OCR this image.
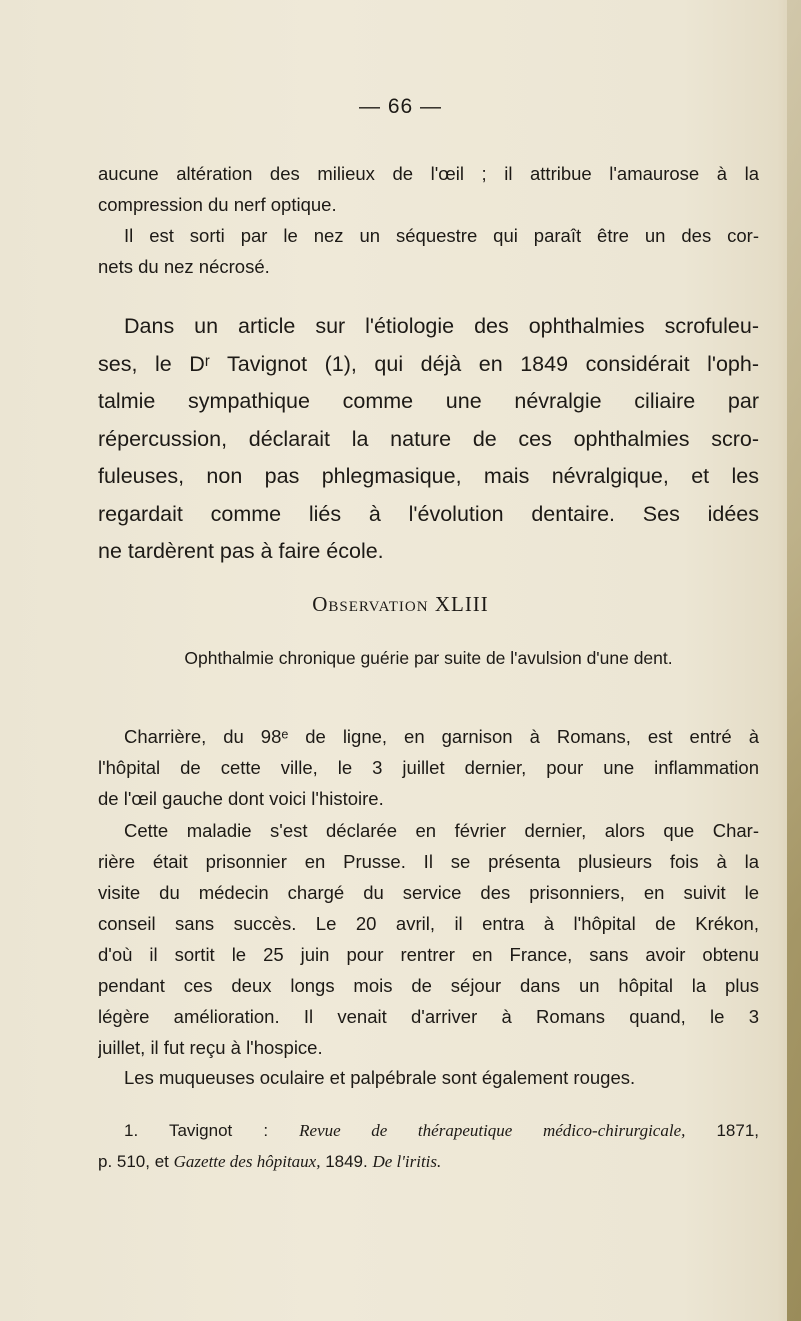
— 66 —
aucune altération des milieux de l'œil ; il attribue l'amaurose à la
compression du nerf optique.
Il est sorti par le nez un séquestre qui paraît être un des cor-
nets du nez nécrosé.
Dans un article sur l'étiologie des ophthalmies scrofuleu-
ses, le Dʳ Tavignot (1), qui déjà en 1849 considérait l'oph-
talmie sympathique comme une névralgie ciliaire par
répercussion, déclarait la nature de ces ophthalmies scro-
fuleuses, non pas phlegmasique, mais névralgique, et les
regardait comme liés à l'évolution dentaire. Ses idées
ne tardèrent pas à faire école.
Observation XLIII
Ophthalmie chronique guérie par suite de l'avulsion d'une dent.
Charrière, du 98ᵉ de ligne, en garnison à Romans, est entré à
l'hôpital de cette ville, le 3 juillet dernier, pour une inflammation
de l'œil gauche dont voici l'histoire.
Cette maladie s'est déclarée en février dernier, alors que Char-
rière était prisonnier en Prusse. Il se présenta plusieurs fois à la
visite du médecin chargé du service des prisonniers, en suivit le
conseil sans succès. Le 20 avril, il entra à l'hôpital de Krékon,
d'où il sortit le 25 juin pour rentrer en France, sans avoir obtenu
pendant ces deux longs mois de séjour dans un hôpital la plus
légère amélioration. Il venait d'arriver à Romans quand, le 3
juillet, il fut reçu à l'hospice.
Les muqueuses oculaire et palpébrale sont également rouges.
1. Tavignot : Revue de thérapeutique médico-chirurgicale, 1871,
p. 510, et Gazette des hôpitaux, 1849. De l'iritis.
